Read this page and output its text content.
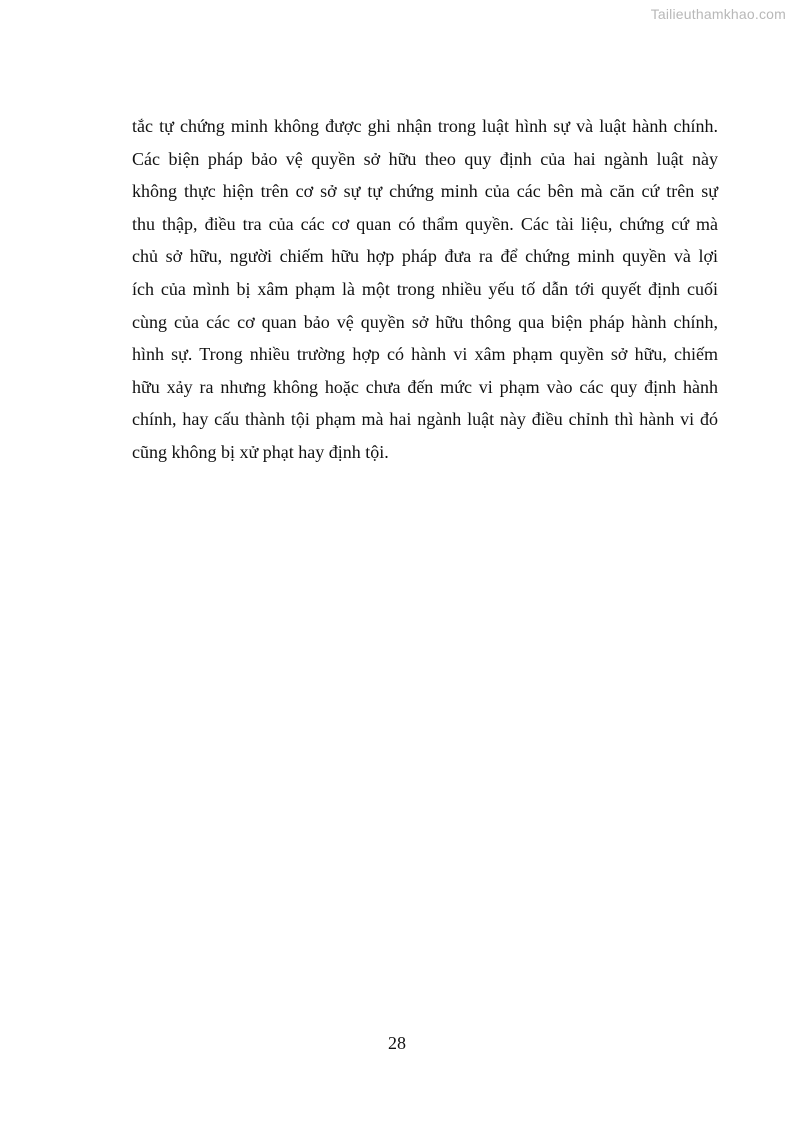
Tailieuthamkhao.com
tắc tự chứng minh không được ghi nhận trong luật hình sự và luật hành chính.
Các biện pháp bảo vệ quyền sở hữu theo quy định của hai ngành luật này
không thực hiện trên cơ sở sự tự chứng minh của các bên mà căn cứ trên sự
thu thập, điều tra của các cơ quan có thẩm quyền. Các tài liệu, chứng cứ mà
chủ sở hữu, người chiếm hữu hợp pháp đưa ra để chứng minh quyền và lợi
ích của mình bị xâm phạm là một trong nhiều yếu tố dẫn tới quyết định cuối
cùng của các cơ quan bảo vệ quyền sở hữu thông qua biện pháp hành chính,
hình sự. Trong nhiều trường hợp có hành vi xâm phạm quyền sở hữu, chiếm
hữu xảy ra nhưng không hoặc chưa đến mức vi phạm vào các quy định hành
chính, hay cấu thành tội phạm mà hai ngành luật này điều chỉnh thì hành vi đó
cũng không bị xử phạt hay định tội.
28
